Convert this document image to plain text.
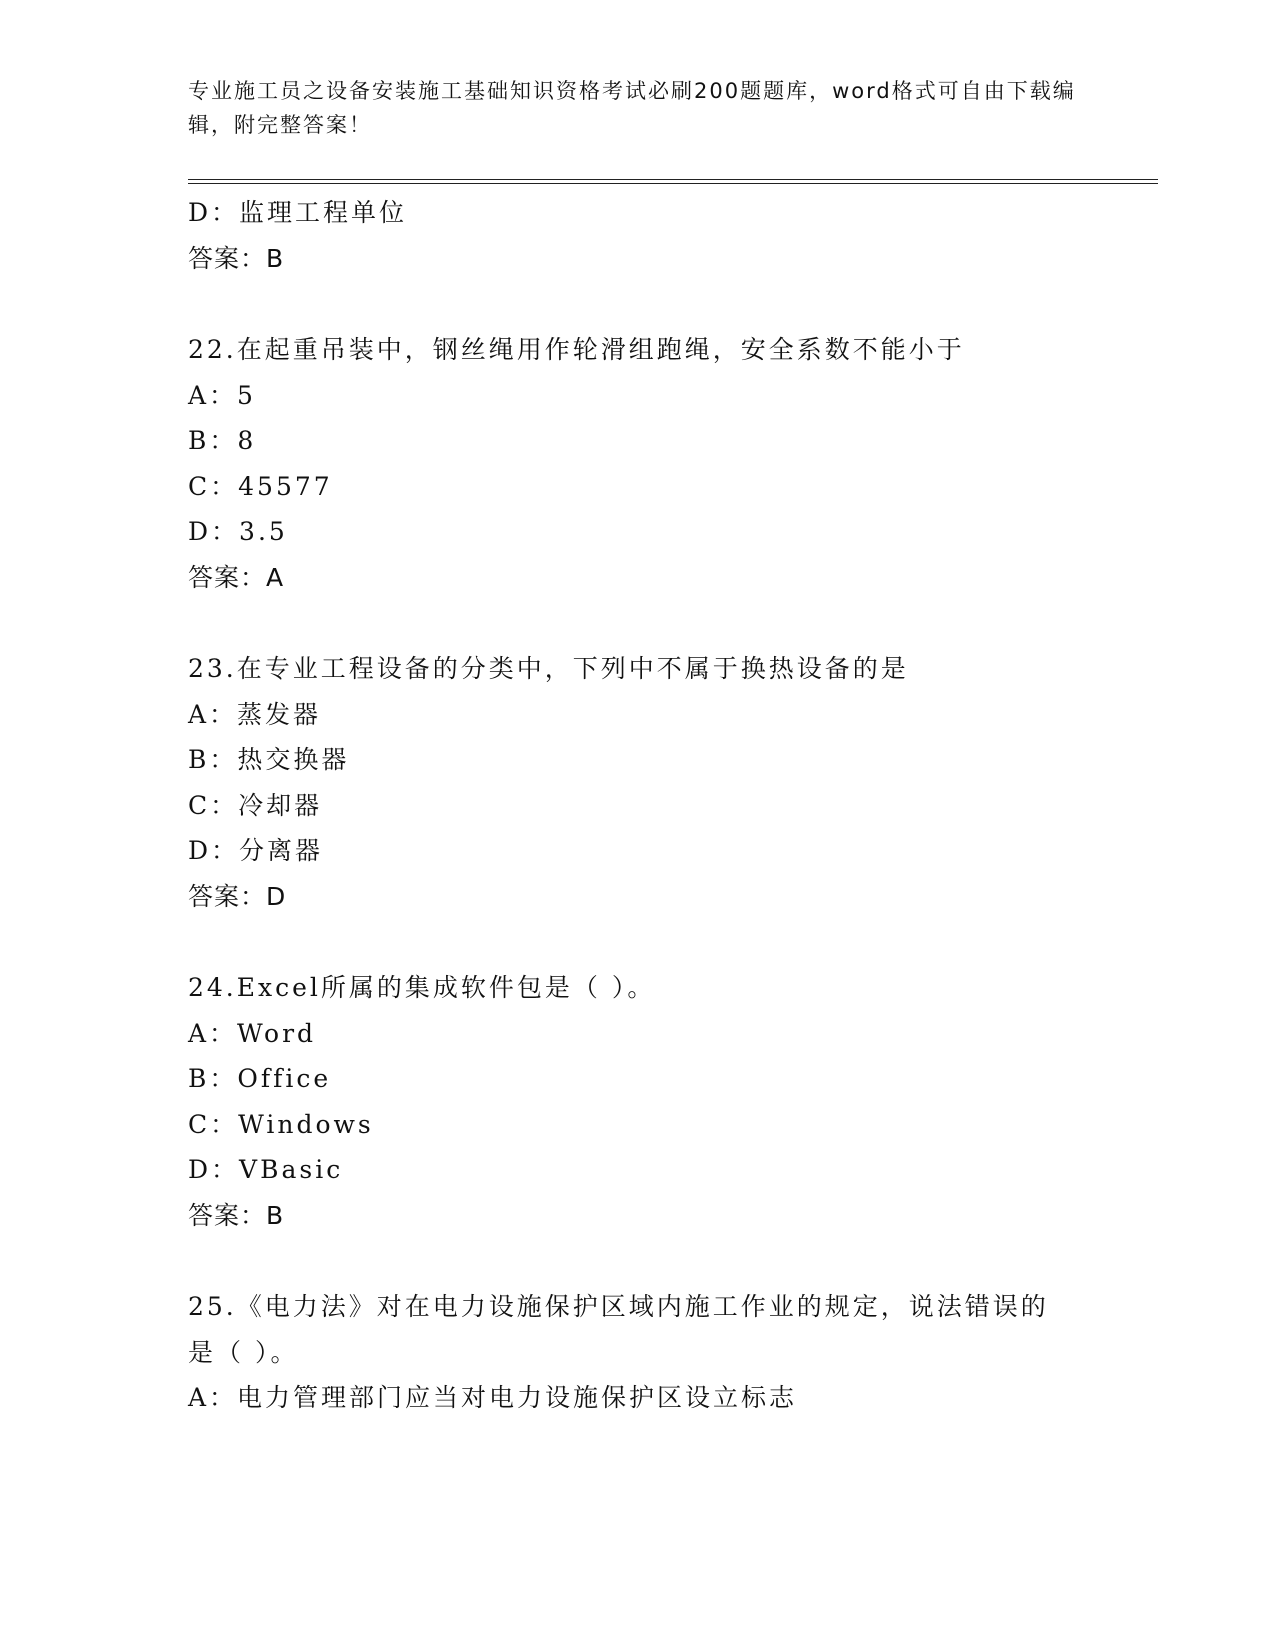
专业施工员之设备安装施工基础知识资格考试必刷200题题库，word格式可自由下载编辑，附完整答案！
D：监理工程单位
答案：B
22.在起重吊装中，钢丝绳用作轮滑组跑绳，安全系数不能小于
A：5
B：8
C：45577
D：3.5
答案：A
23.在专业工程设备的分类中，下列中不属于换热设备的是
A：蒸发器
B：热交换器
C：冷却器
D：分离器
答案：D
24.Excel所属的集成软件包是（ ）。
A：Word
B：Office
C：Windows
D：VBasic
答案：B
25.《电力法》对在电力设施保护区域内施工作业的规定，说法错误的
是（ ）。
A：电力管理部门应当对电力设施保护区设立标志
